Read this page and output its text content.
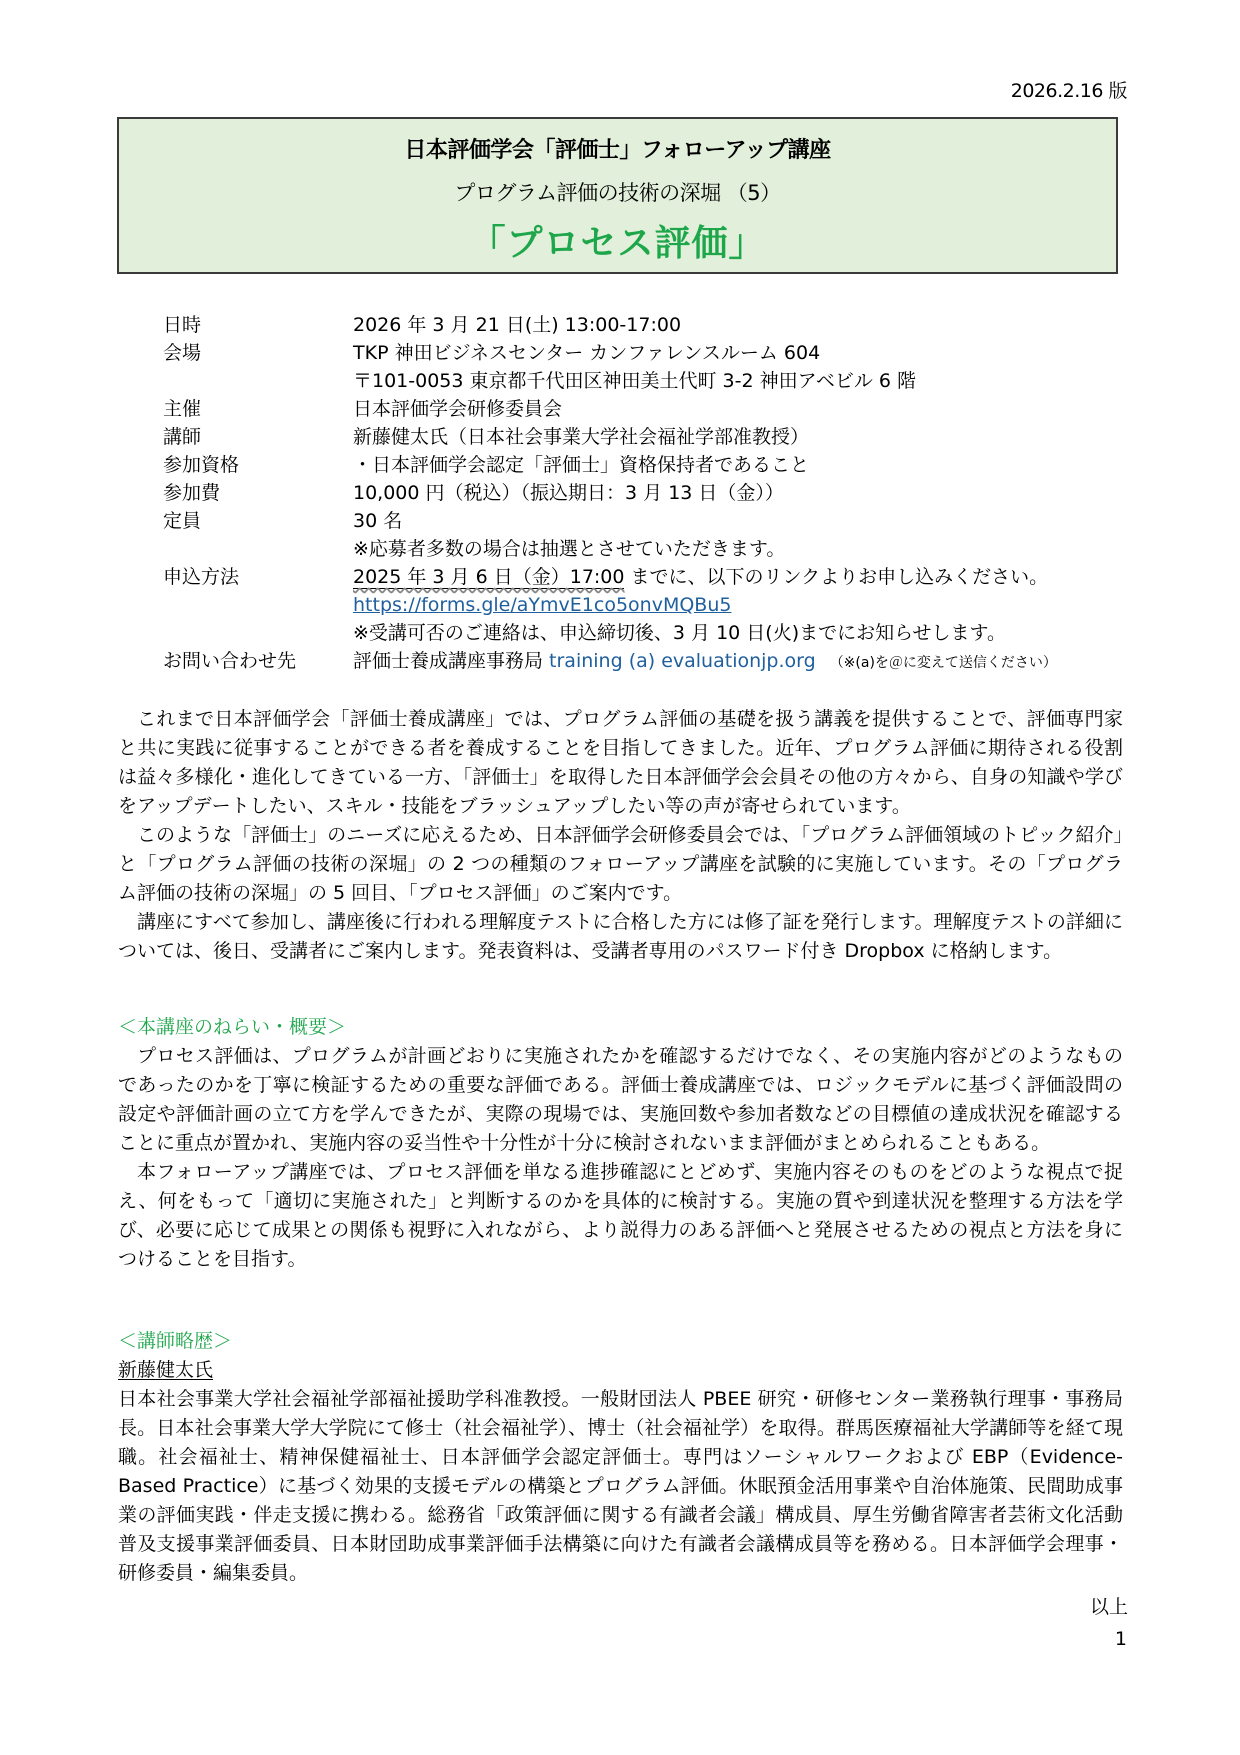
2026.2.16 版
日本評価学会「評価士」フォローアップ講座
プログラム評価の技術の深堀 （5）
「プロセス評価」
日時	2026 年 3 月 21 日(土) 13:00-17:00
会場	TKP 神田ビジネスセンター カンファレンスルーム 604
〒101-0053 東京都千代田区神田美土代町 3-2 神田アベビル 6 階
主催	日本評価学会研修委員会
講師	新藤健太氏（日本社会事業大学社会福祉学部准教授）
参加資格	・日本評価学会認定「評価士」資格保持者であること
参加費	10,000 円（税込）（振込期日：3 月 13 日（金））
定員	30 名
※応募者多数の場合は抽選とさせていただきます。
申込方法	2025 年 3 月 6 日（金）17:00 までに、以下のリンクよりお申し込みください。
https://forms.gle/aYmvE1co5onvMQBu5
※受講可否のご連絡は、申込締切後、3 月 10 日(火)までにお知らせします。
お問い合わせ先	評価士養成講座事務局 training (a) evaluationjp.org （※(a)を＠に変えて送信ください）

これまで日本評価学会「評価士養成講座」では、プログラム評価の基礎を扱う講義を提供することで、評価専門家と共に実践に従事することができる者を養成することを目指してきました。近年、プログラム評価に期待される役割は益々多様化・進化してきている一方、「評価士」を取得した日本評価学会会員その他の方々から、自身の知識や学びをアップデートしたい、スキル・技能をブラッシュアップしたい等の声が寄せられています。

このような「評価士」のニーズに応えるため、日本評価学会研修委員会では、「プログラム評価領域のトピック紹介」と「プログラム評価の技術の深堀」の 2 つの種類のフォローアップ講座を試験的に実施しています。その「プログラム評価の技術の深堀」の 5 回目、「プロセス評価」のご案内です。

講座にすべて参加し、講座後に行われる理解度テストに合格した方には修了証を発行します。理解度テストの詳細については、後日、受講者にご案内します。発表資料は、受講者専用のパスワード付き Dropbox に格納します。

＜本講座のねらい・概要＞

プロセス評価は、プログラムが計画どおりに実施されたかを確認するだけでなく、その実施内容がどのようなものであったのかを丁寧に検証するための重要な評価である。評価士養成講座では、ロジックモデルに基づく評価設問の設定や評価計画の立て方を学んできたが、実際の現場では、実施回数や参加者数などの目標値の達成状況を確認することに重点が置かれ、実施内容の妥当性や十分性が十分に検討されないまま評価がまとめられることもある。

本フォローアップ講座では、プロセス評価を単なる進捗確認にとどめず、実施内容そのものをどのような視点で捉え、何をもって「適切に実施された」と判断するのかを具体的に検討する。実施の質や到達状況を整理する方法を学び、必要に応じて成果との関係も視野に入れながら、より説得力のある評価へと発展させるための視点と方法を身につけることを目指す。

＜講師略歴＞
新藤健太氏

日本社会事業大学社会福祉学部福祉援助学科准教授。一般財団法人 PBEE 研究・研修センター業務執行理事・事務局長。日本社会事業大学大学院にて修士（社会福祉学）、博士（社会福祉学）を取得。群馬医療福祉大学講師等を経て現職。社会福祉士、精神保健福祉士、日本評価学会認定評価士。専門はソーシャルワークおよび EBP（Evidence-Based Practice）に基づく効果的支援モデルの構築とプログラム評価。休眠預金活用事業や自治体施策、民間助成事業の評価実践・伴走支援に携わる。総務省「政策評価に関する有識者会議」構成員、厚生労働省障害者芸術文化活動普及支援事業評価委員、日本財団助成事業評価手法構築に向けた有識者会議構成員等を務める。日本評価学会理事・研修委員・編集委員。

以上
1
